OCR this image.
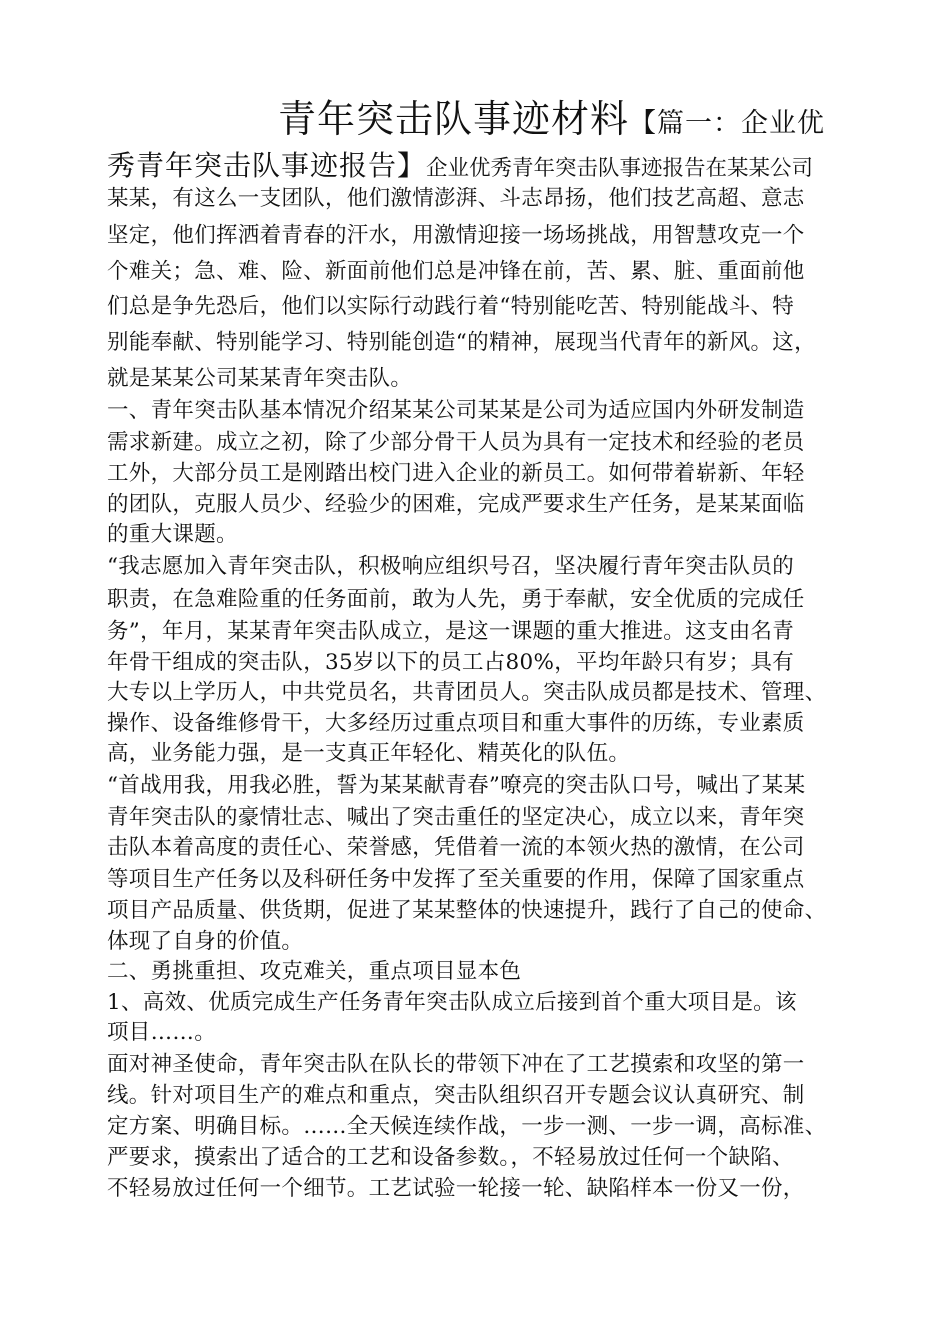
青年突击队事迹材料【篇一：企业优
秀青年突击队事迹报告】企业优秀青年突击队事迹报告在某某公司
某某，有这么一支团队，他们激情澎湃、斗志昂扬，他们技艺高超、意志
坚定，他们挥洒着青春的汗水，用激情迎接一场场挑战，用智慧攻克一个
个难关；急、难、险、新面前他们总是冲锋在前，苦、累、脏、重面前他
们总是争先恐后，他们以实际行动践行着“特别能吃苦、特别能战斗、特
别能奉献、特别能学习、特别能创造“的精神，展现当代青年的新风。这，
就是某某公司某某青年突击队。
一、青年突击队基本情况介绍某某公司某某是公司为适应国内外研发制造
需求新建。成立之初，除了少部分骨干人员为具有一定技术和经验的老员
工外，大部分员工是刚踏出校门进入企业的新员工。如何带着崭新、年轻
的团队，克服人员少、经验少的困难，完成严要求生产任务，是某某面临
的重大课题。
“我志愿加入青年突击队，积极响应组织号召，坚决履行青年突击队员的
职责，在急难险重的任务面前，敢为人先，勇于奉献，安全优质的完成任
务”，年月，某某青年突击队成立，是这一课题的重大推进。这支由名青
年骨干组成的突击队，35岁以下的员工占80%，平均年龄只有岁；具有
大专以上学历人，中共党员名，共青团员人。突击队成员都是技术、管理、
操作、设备维修骨干，大多经历过重点项目和重大事件的历练，专业素质
高，业务能力强，是一支真正年轻化、精英化的队伍。
“首战用我，用我必胜，誓为某某献青春”嘹亮的突击队口号，喊出了某某
青年突击队的豪情壮志、喊出了突击重任的坚定决心，成立以来，青年突
击队本着高度的责任心、荣誉感，凭借着一流的本领火热的激情，在公司
等项目生产任务以及科研任务中发挥了至关重要的作用，保障了国家重点
项目产品质量、供货期，促进了某某整体的快速提升，践行了自己的使命、
体现了自身的价值。
二、勇挑重担、攻克难关，重点项目显本色
1、高效、优质完成生产任务青年突击队成立后接到首个重大项目是。该
项目……。
面对神圣使命，青年突击队在队长的带领下冲在了工艺摸索和攻坚的第一
线。针对项目生产的难点和重点，突击队组织召开专题会议认真研究、制
定方案、明确目标。……全天候连续作战，一步一测、一步一调，高标准、
严要求，摸索出了适合的工艺和设备参数。，不轻易放过任何一个缺陷、
不轻易放过任何一个细节。工艺试验一轮接一轮、缺陷样本一份又一份，
